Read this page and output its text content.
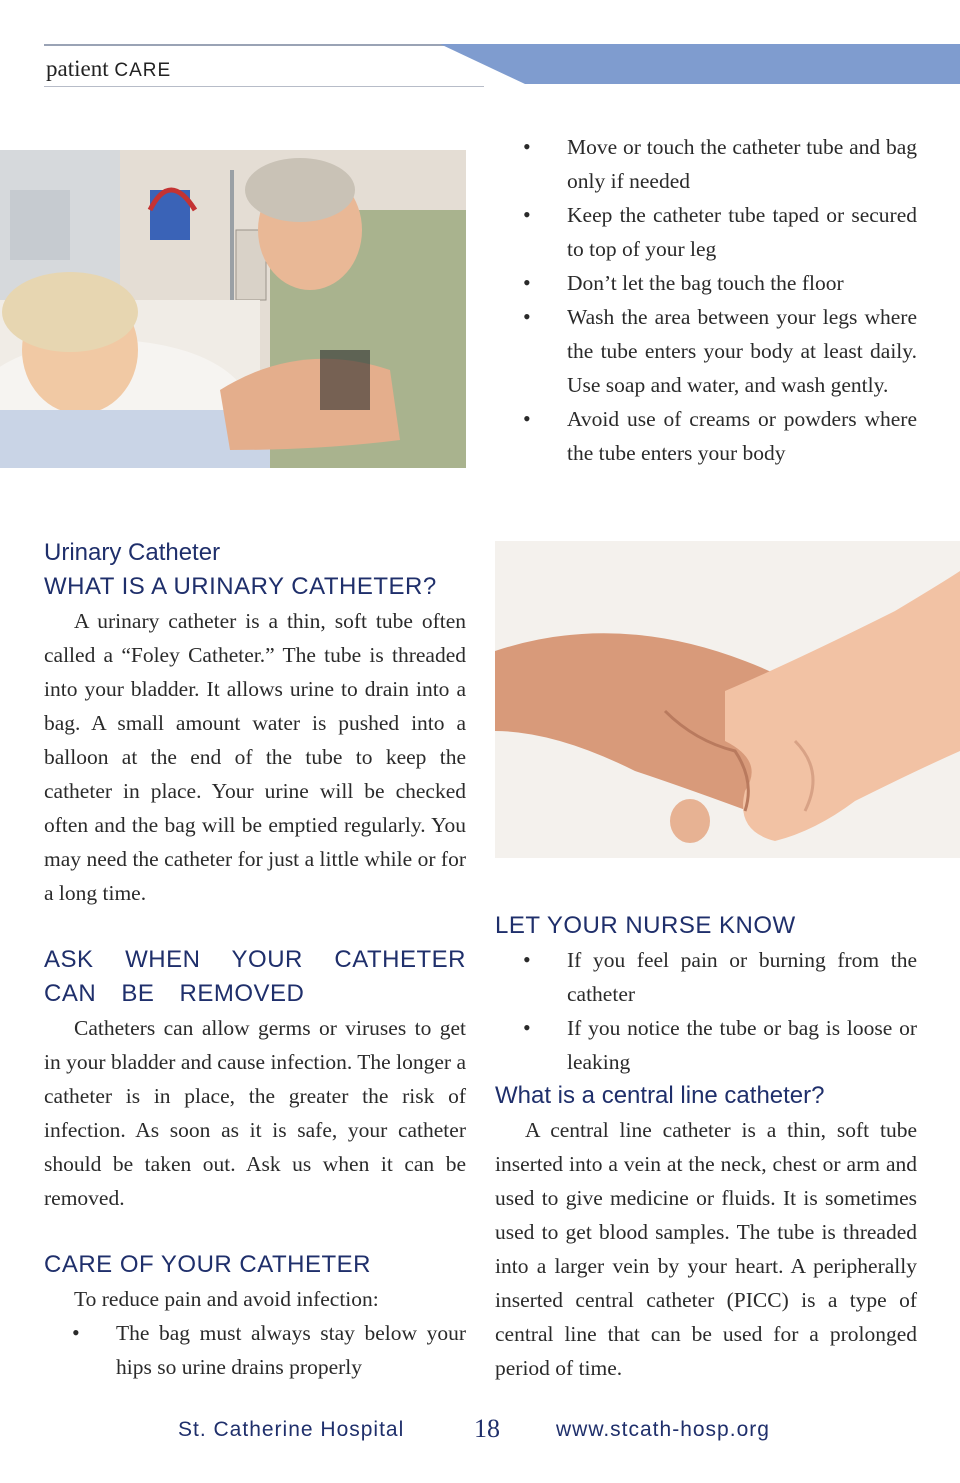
patient CARE
Urinary Catheter
WHAT IS A URINARY CATHETER?

A urinary catheter is a thin, soft tube often called a “Foley Catheter.” The tube is threaded into your bladder. It allows urine to drain into a bag. A small amount water is pushed into a balloon at the end of the tube to keep the catheter in place. Your urine will be checked often and the bag will be emptied regularly. You may need the catheter for just a little while or for a long time.

ASK WHEN YOUR CATHETER CAN BE REMOVED

Catheters can allow germs or viruses to get in your bladder and cause infection. The longer a catheter is in place, the greater the risk of infection. As soon as it is safe, your catheter should be taken out. Ask us when it can be removed.

CARE OF YOUR CATHETER

To reduce pain and avoid infection:

• The bag must always stay below your hips so urine drains properly
• Move or touch the catheter tube and bag only if needed
• Keep the catheter tube taped or secured to top of your leg
• Don’t let the bag touch the floor
• Wash the area between your legs where the tube enters your body at least daily. Use soap and water, and wash gently.
• Avoid use of creams or powders where the tube enters your body
LET YOUR NURSE KNOW
• If you feel pain or burning from the catheter
• If you notice the tube or bag is loose or leaking
What is a central line catheter?

A central line catheter is a thin, soft tube inserted into a vein at the neck, chest or arm and used to give medicine or fluids. It is sometimes used to get blood samples. The tube is threaded into a larger vein by your heart. A peripherally inserted central catheter (PICC) is a type of central line that can be used for a prolonged period of time.

St. Catherine Hospital	18	www.stcath-hosp.org
